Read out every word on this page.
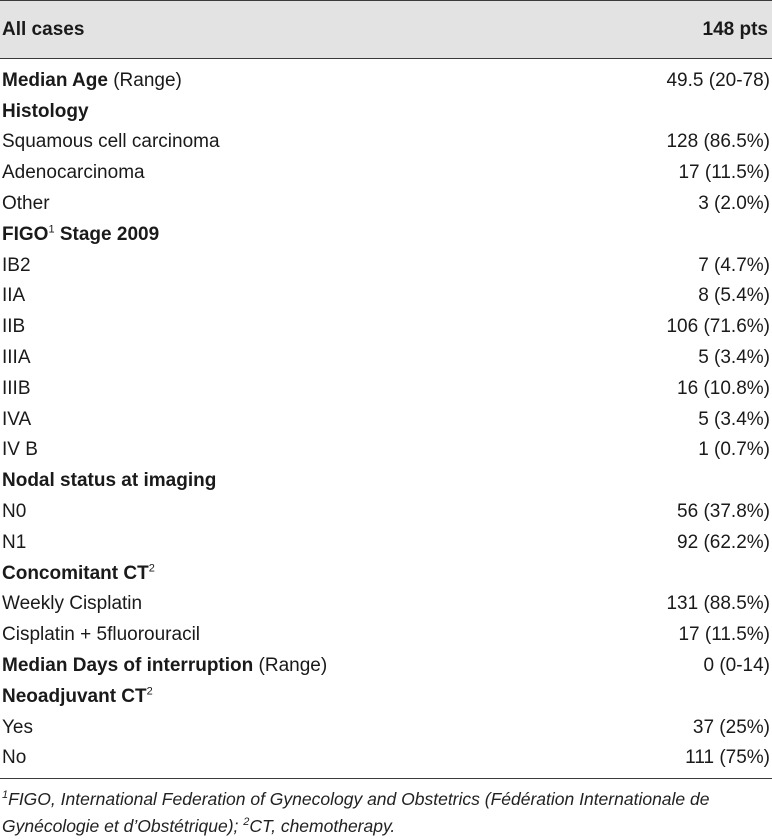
All cases	148 pts
Median Age (Range)	49.5 (20-78)
Histology
Squamous cell carcinoma	128 (86.5%)
Adenocarcinoma	17 (11.5%)
Other	3 (2.0%)
FIGO$^1$ Stage 2009
IB2	7 (4.7%)
IIA	8 (5.4%)
IIB	106 (71.6%)
IIIA	5 (3.4%)
IIIB	16 (10.8%)
IVA	5 (3.4%)
IV B	1 (0.7%)
Nodal status at imaging
N0	56 (37.8%)
N1	92 (62.2%)
Concomitant $CT^2$
Weekly Cisplatin	131 (88.5%)
Cisplatin + 5fluorouracil	17 (11.5%)
Median Days of interruption (Range)	0 (0-14)
Neoadjuvant $CT^2$
Yes	37 (25%)
No	111 (75%)
$^1$FIGO, International Federation of Gynecology and Obstetrics (Fédération Internationale de Gynécologie et d’Obstétrique); $^2$CT, chemotherapy.
